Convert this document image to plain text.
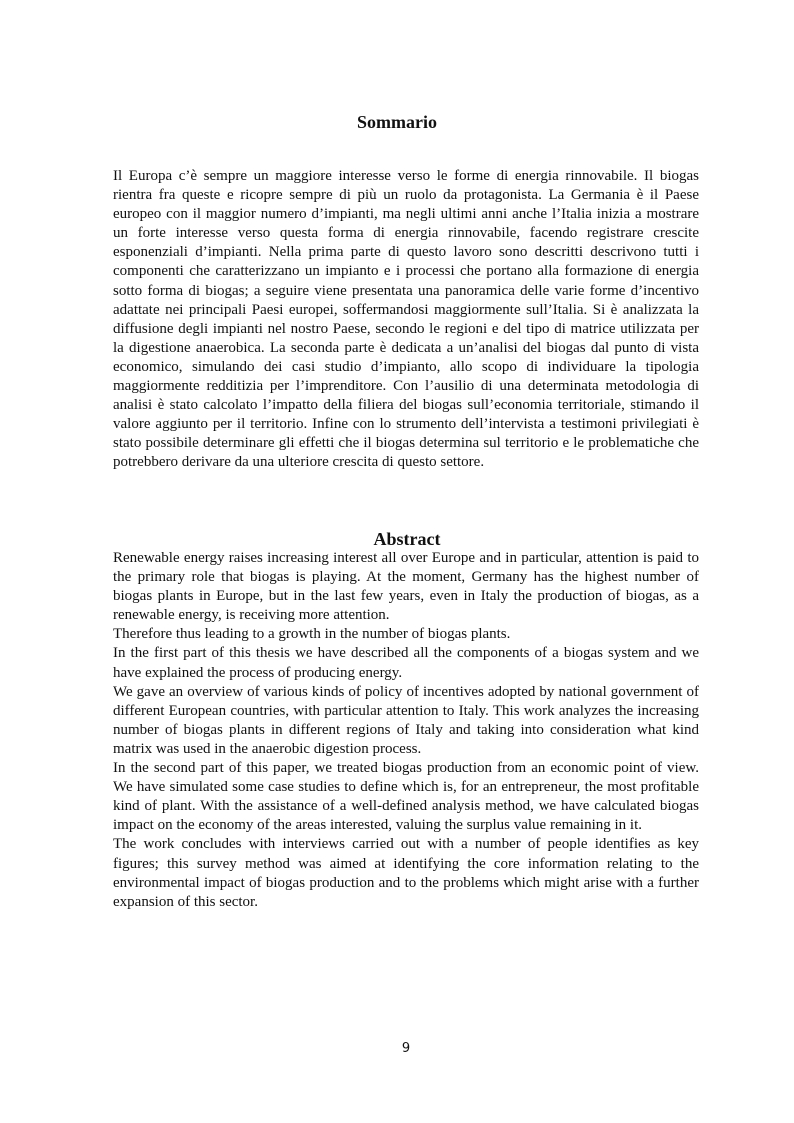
Sommario

Il Europa c’è sempre un maggiore interesse verso le forme di energia rinnovabile. Il biogas rientra fra queste e ricopre sempre di più un ruolo da protagonista. La Germania è il Paese europeo con il maggior numero d’impianti, ma negli ultimi anni anche l’Italia inizia a mostrare un forte interesse verso questa forma di energia rinnovabile, facendo registrare crescite esponenziali d’impianti. Nella prima parte di questo lavoro sono descritti descrivono tutti i componenti che caratterizzano un impianto e i processi che portano alla formazione di energia sotto forma di biogas; a seguire viene presentata una panoramica delle varie forme d’incentivo adattate nei principali Paesi europei, soffermandosi maggiormente sull’Italia. Si è analizzata la diffusione degli impianti nel nostro Paese, secondo le regioni e del tipo di matrice utilizzata per la digestione anaerobica. La seconda parte è dedicata a un’analisi del biogas dal punto di vista economico, simulando dei casi studio d’impianto, allo scopo di individuare la tipologia maggiormente redditizia per l’imprenditore. Con l’ausilio di una determinata metodologia di analisi è stato calcolato l’impatto della filiera del biogas sull’economia territoriale, stimando il valore aggiunto per il territorio. Infine con lo strumento dell’intervista a testimoni privilegiati è stato possibile determinare gli effetti che il biogas determina sul territorio e le problematiche che potrebbero derivare da una ulteriore crescita di questo settore.

Abstract

Renewable energy raises increasing interest all over Europe and in particular, attention is paid to the primary role that biogas is playing. At the moment, Germany has the highest number of biogas plants in Europe, but in the last few years, even in Italy the production of biogas, as a renewable energy, is receiving more attention.

Therefore thus leading to a growth in the number of biogas plants.

In the first part of this thesis we have described all the components of a biogas system and we have explained the process of producing energy.

We gave an overview of various kinds of policy of incentives adopted by national government of different European countries, with particular attention to Italy. This work analyzes the increasing number of biogas plants in different regions of Italy and taking into consideration what kind matrix was used in the anaerobic digestion process.

In the second part of this paper, we treated biogas production from an economic point of view. We have simulated some case studies to define which is, for an entrepreneur, the most profitable kind of plant. With the assistance of a well-defined analysis method, we have calculated biogas impact on the economy of the areas interested, valuing the surplus value remaining in it.

The work concludes with interviews carried out with a number of people identifies as key figures; this survey method was aimed at identifying the core information relating to the environmental impact of biogas production and to the problems which might arise with a further expansion of this sector.

9
